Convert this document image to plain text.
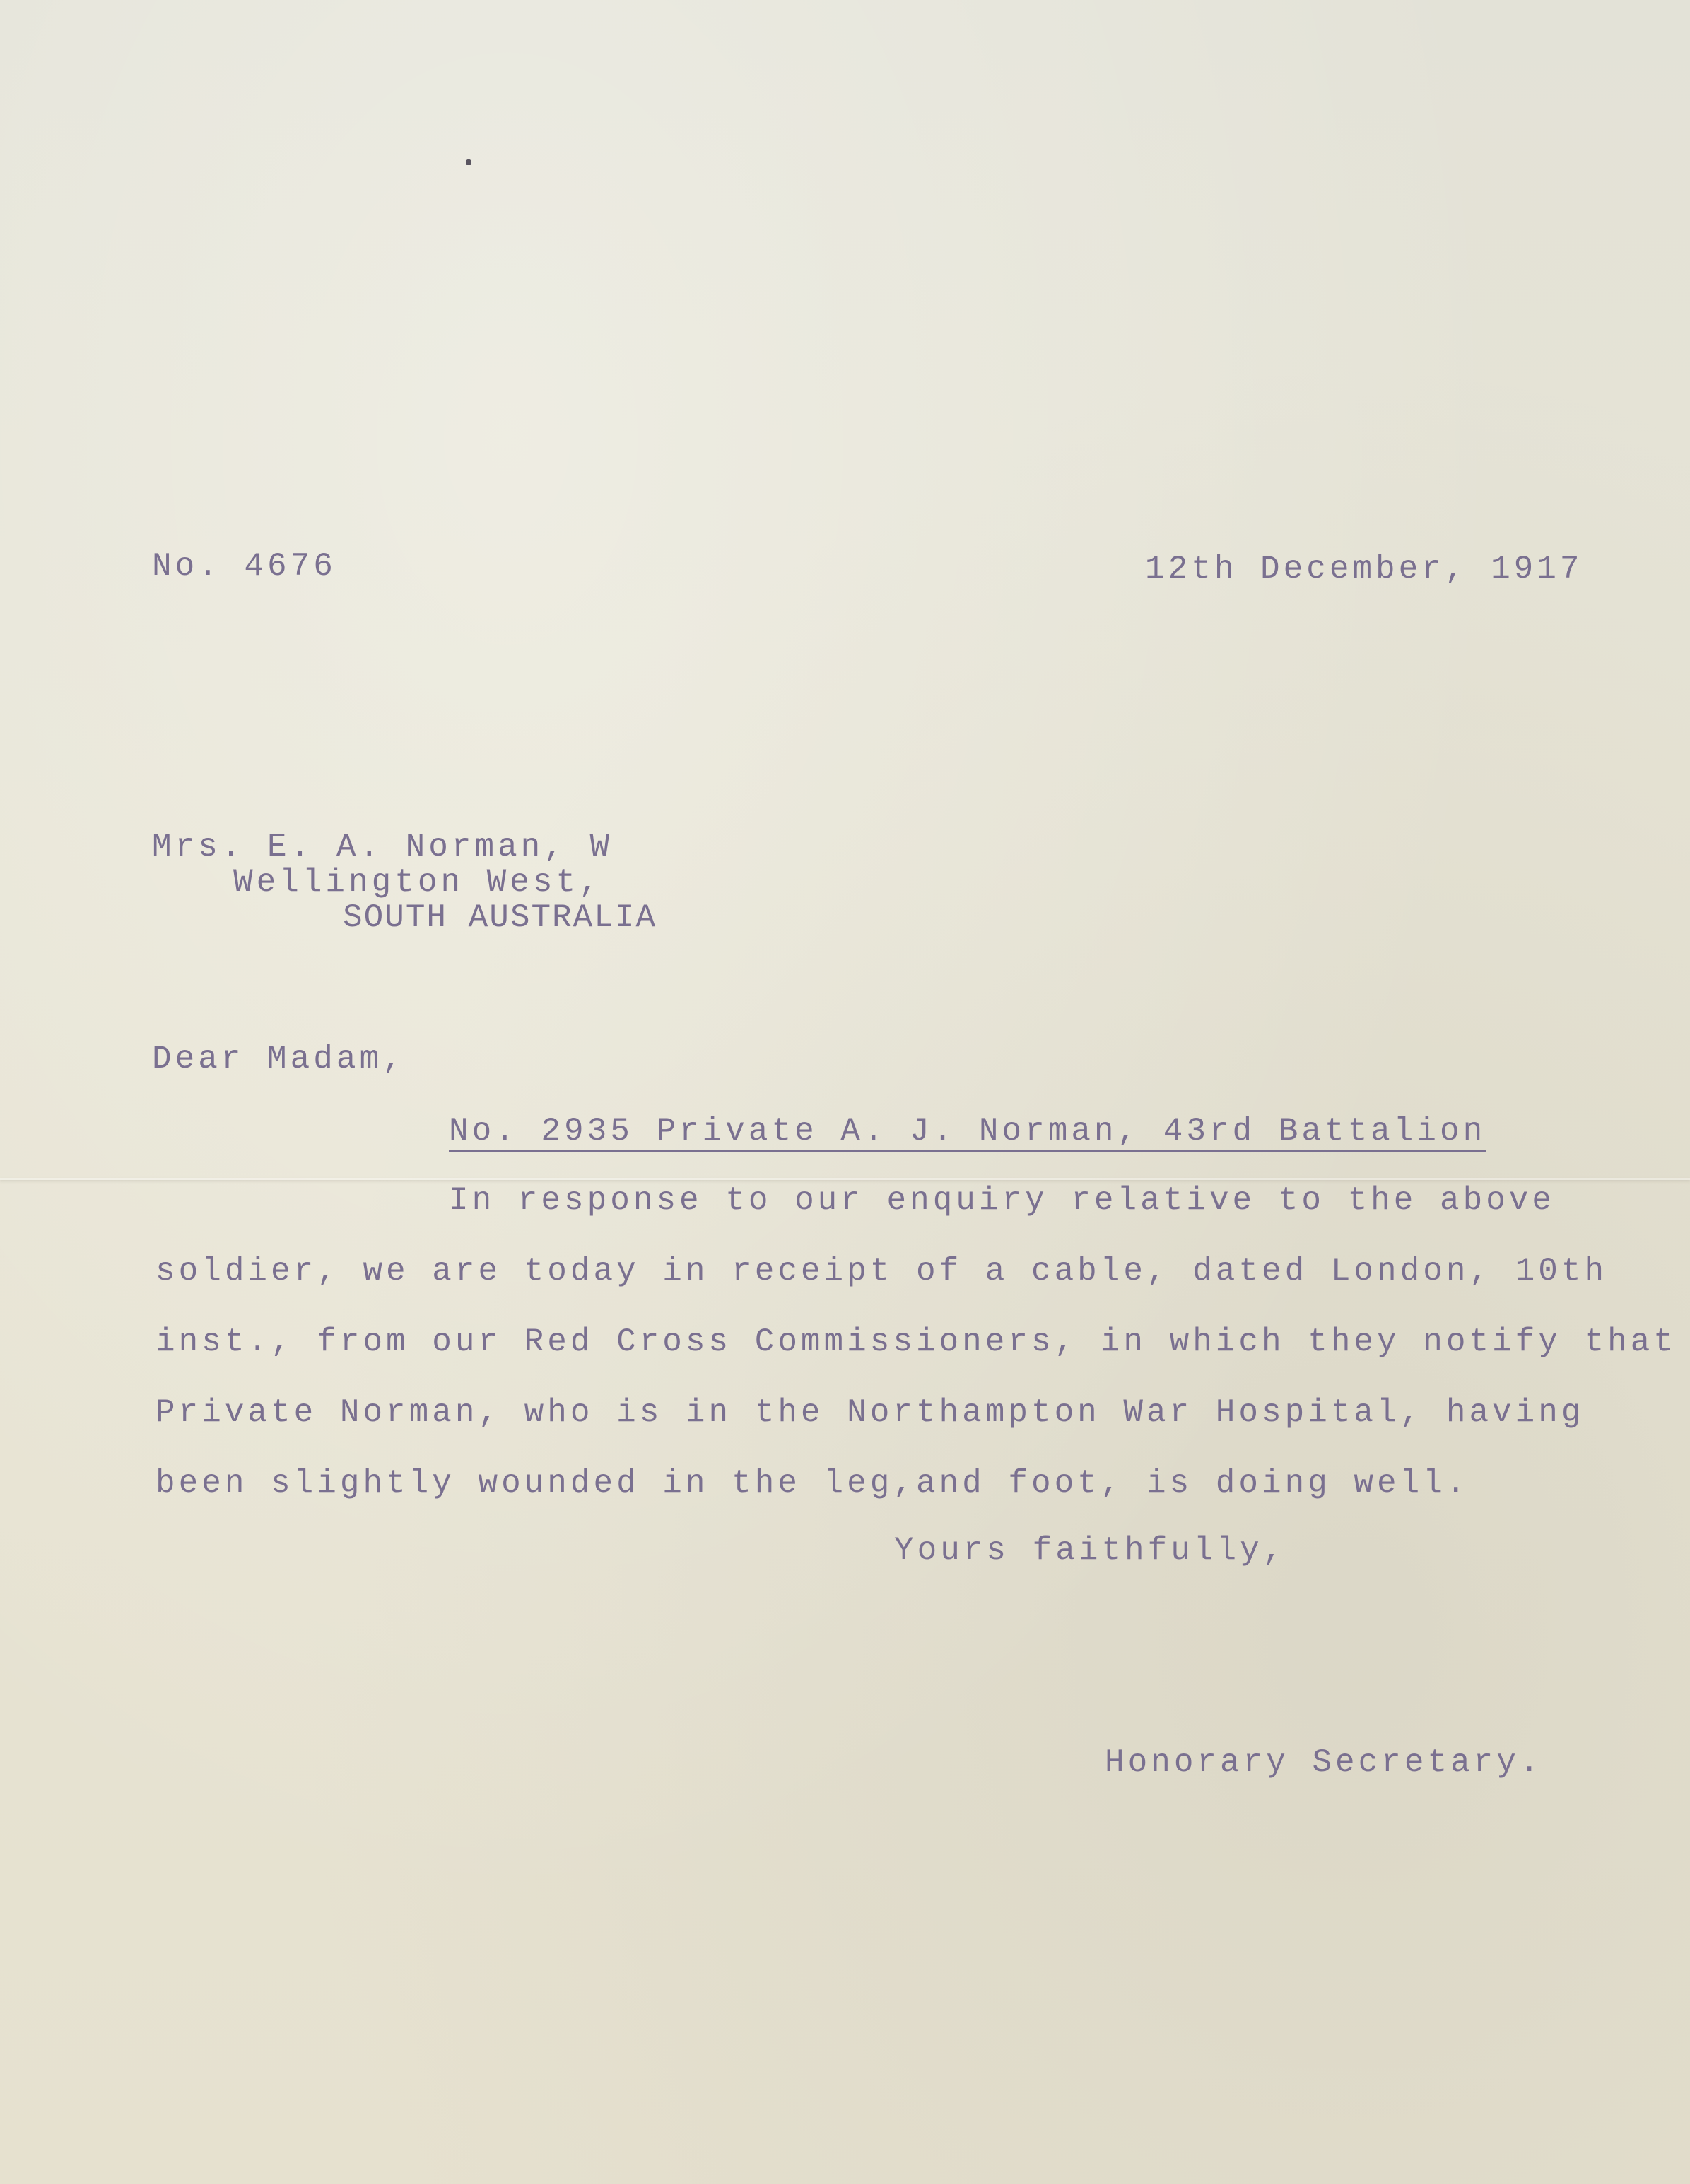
No. 4676	12th December, 1917
Mrs. E. A. Norman, W
Wellington West,
SOUTH AUSTRALIA
Dear Madam,
No. 2935 Private A. J. Norman, 43rd Battalion
In response to our enquiry relative to the above
soldier, we are today in receipt of a cable, dated London, 10th
inst., from our Red Cross Commissioners, in which they notify that
Private Norman, who is in the Northampton War Hospital, having
been slightly wounded in the leg,and foot, is doing well.
Yours faithfully,
Honorary Secretary.
